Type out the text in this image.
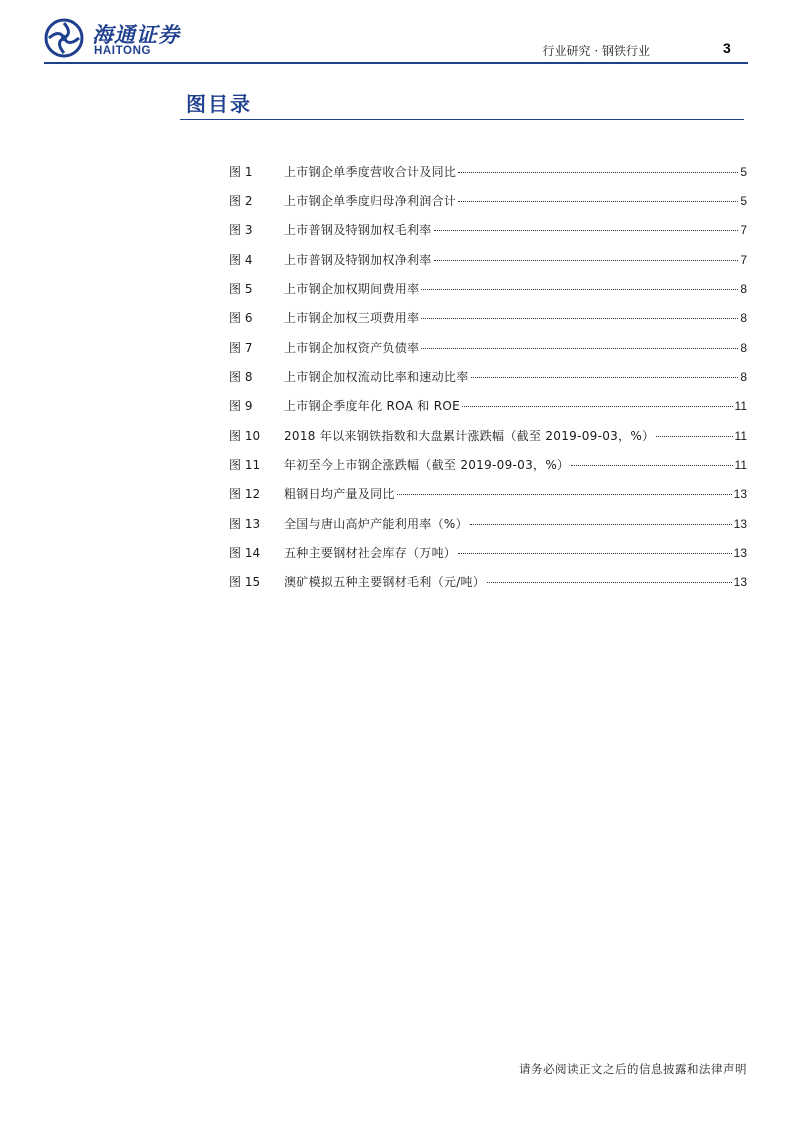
海通证券
HAITONG	行业研究 · 钢铁行业	3
图目录
图 1	上市钢企单季度营收合计及同比	5
图 2	上市钢企单季度归母净利润合计	5
图 3	上市普钢及特钢加权毛利率	7
图 4	上市普钢及特钢加权净利率	7
图 5	上市钢企加权期间费用率	8
图 6	上市钢企加权三项费用率	8
图 7	上市钢企加权资产负债率	8
图 8	上市钢企加权流动比率和速动比率	8
图 9	上市钢企季度年化 ROA 和 ROE	11
图 10	2018 年以来钢铁指数和大盘累计涨跌幅（截至 2019-09-03，%）	11
图 11	年初至今上市钢企涨跌幅（截至 2019-09-03，%）	11
图 12	粗钢日均产量及同比	13
图 13	全国与唐山高炉产能利用率（%）	13
图 14	五种主要钢材社会库存（万吨）	13
图 15	澳矿模拟五种主要钢材毛利（元/吨）	13
请务必阅读正文之后的信息披露和法律声明
